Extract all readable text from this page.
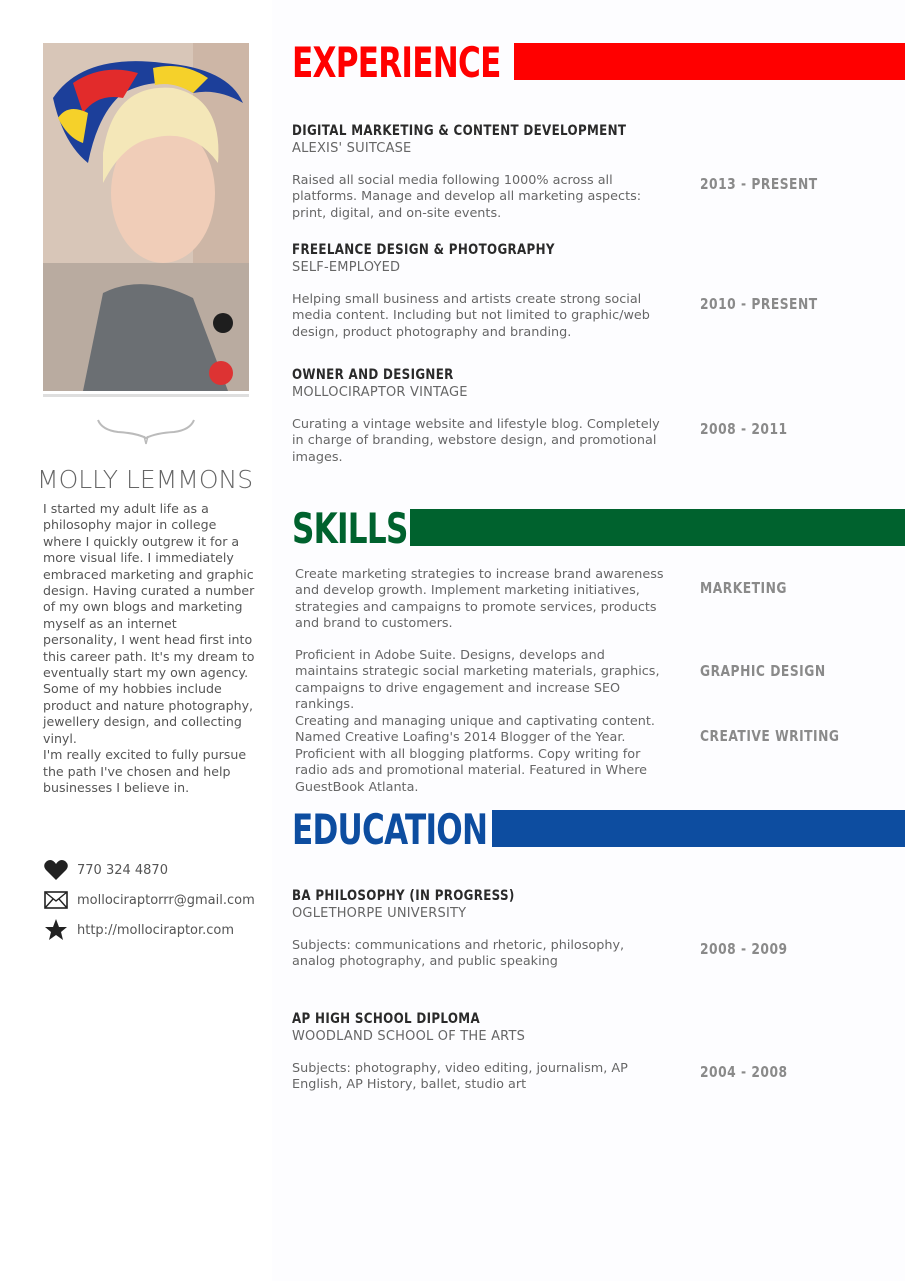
MOLLY LEMMONS

I started my adult life as a philosophy major in college where I quickly outgrew it for a more visual life. I immediately embraced marketing and graphic design. Having curated a number of my own blogs and marketing myself as an internet personality, I went head first into this career path. It's my dream to eventually start my own agency.

Some of my hobbies include product and nature photography, jewellery design, and collecting vinyl.

I'm really excited to fully pursue the path I've chosen and help businesses I believe in.

770 324 4870
mollociraptorrr@gmail.com
http://mollociraptor.com
EXPERIENCE
DIGITAL MARKETING & CONTENT DEVELOPMENT
ALEXIS' SUITCASE
Raised all social media following 1000% across all platforms. Manage and develop all marketing aspects: print, digital, and on-site events.
2013 - PRESENT
FREELANCE DESIGN & PHOTOGRAPHY
SELF-EMPLOYED
Helping small business and artists create strong social media content. Including but not limited to graphic/web design, product photography and branding.
2010 - PRESENT
OWNER AND DESIGNER
MOLLOCIRAPTOR VINTAGE
Curating a vintage website and lifestyle blog. Completely in charge of branding, webstore design, and promotional images.
2008 - 2011
SKILLS
Create marketing strategies to increase brand awareness and develop growth. Implement marketing initiatives, strategies and campaigns to promote services, products and brand to customers.
MARKETING
Proficient in Adobe Suite. Designs, develops and maintains strategic social marketing materials, graphics, campaigns to drive engagement and increase SEO rankings.
GRAPHIC DESIGN
Creating and managing unique and captivating content. Named Creative Loafing's 2014 Blogger of the Year. Proficient with all blogging platforms. Copy writing for radio ads and promotional material. Featured in Where GuestBook Atlanta.
CREATIVE WRITING
EDUCATION
BA PHILOSOPHY (IN PROGRESS)
OGLETHORPE UNIVERSITY
Subjects: communications and rhetoric, philosophy, analog photography, and public speaking
2008 - 2009
AP HIGH SCHOOL DIPLOMA
WOODLAND SCHOOL OF THE ARTS
Subjects: photography, video editing, journalism, AP English, AP History, ballet, studio art
2004 - 2008
